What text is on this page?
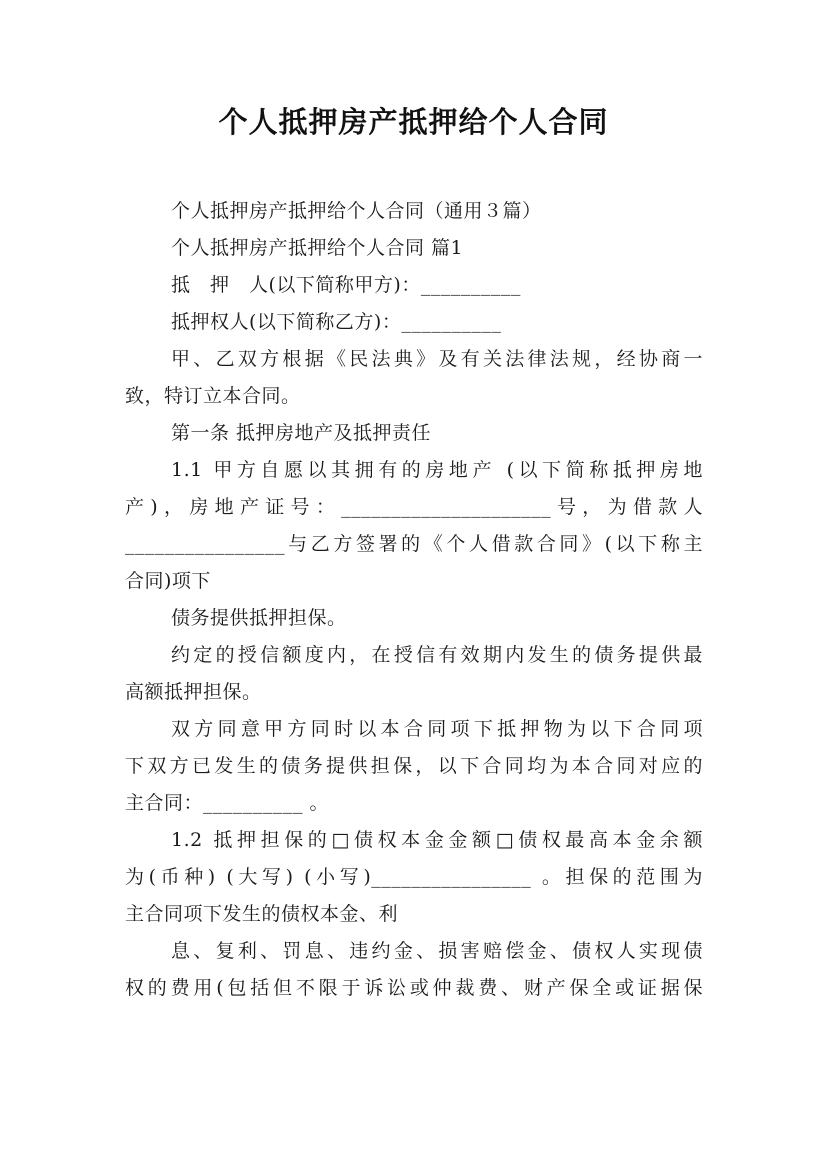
个人抵押房产抵押给个人合同
个人抵押房产抵押给个人合同（通用３篇）
个人抵押房产抵押给个人合同 篇1
抵　押　人(以下简称甲方)：__________
抵押权人(以下简称乙方)：__________
甲、乙双方根据《民法典》及有关法律法规，经协商一
致，特订立本合同。
第一条 抵押房地产及抵押责任
1.1 甲方自愿以其拥有的房地产 (以下简称抵押房地
产)，房地产证号：_____________________号，为借款人
________________与乙方签署的《个人借款合同》(以下称主
合同)项下
债务提供抵押担保。
约定的授信额度内，在授信有效期内发生的债务提供最
高额抵押担保。
双方同意甲方同时以本合同项下抵押物为以下合同项
下双方已发生的债务提供担保，以下合同均为本合同对应的
主合同：__________ 。
1.2 抵押担保的□债权本金金额□债权最高本金余额
为(币种) (大写) (小写)________________ 。担保的范围为
主合同项下发生的债权本金、利
息、复利、罚息、违约金、损害赔偿金、债权人实现债
权的费用(包括但不限于诉讼或仲裁费、财产保全或证据保
